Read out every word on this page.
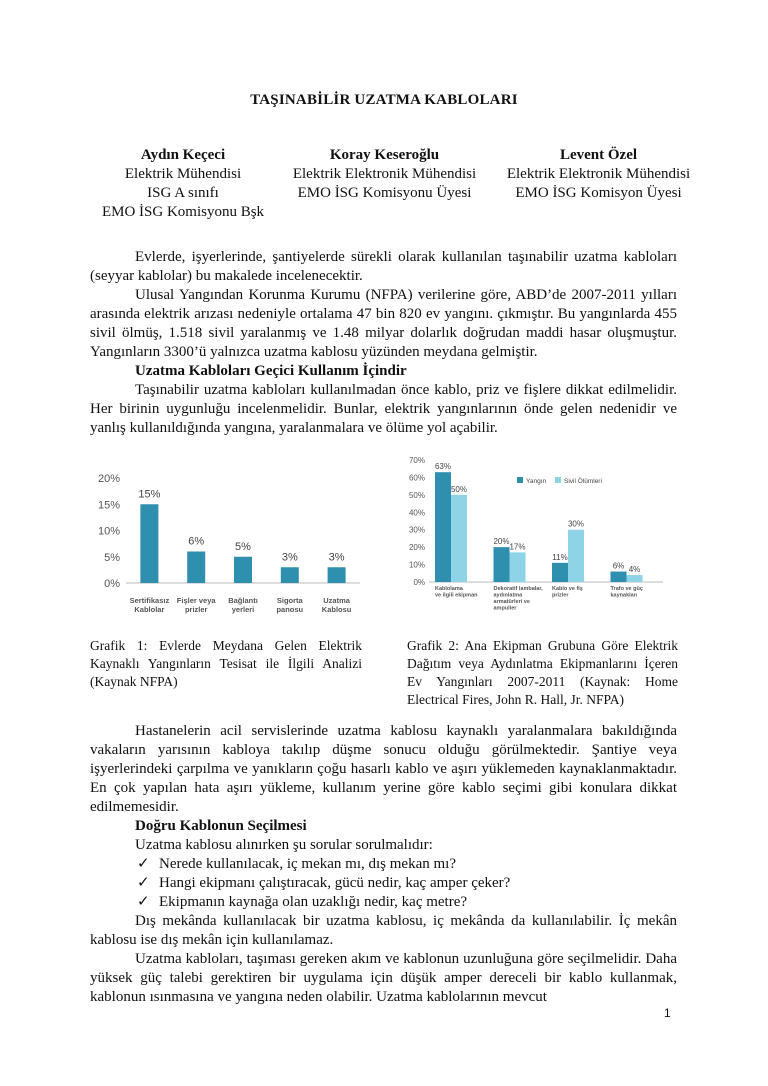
TAŞINABİLİR UZATMA KABLOLARI
Aydın Keçeci
Elektrik Mühendisi
ISG A sınıfı
EMO İSG Komisyonu Bşk
Koray Keseroğlu
Elektrik Elektronik Mühendisi
EMO İSG Komisyonu Üyesi
Levent Özel
Elektrik Elektronik Mühendisi
EMO İSG Komisyon Üyesi

Evlerde, işyerlerinde, şantiyelerde sürekli olarak kullanılan taşınabilir uzatma kabloları (seyyar kablolar) bu makalede incelenecektir.

Ulusal Yangından Korunma Kurumu (NFPA) verilerine göre, ABD’de 2007-2011 yılları arasında elektrik arızası nedeniyle ortalama 47 bin 820 ev yangını. çıkmıştır. Bu yangınlarda 455 sivil ölmüş, 1.518 sivil yaralanmış ve 1.48 milyar dolarlık doğrudan maddi hasar oluşmuştur. Yangınların 3300’ü yalnızca uzatma kablosu yüzünden meydana gelmiştir.

Uzatma Kabloları Geçici Kullanım İçindir

Taşınabilir uzatma kabloları kullanılmadan önce kablo, priz ve fişlere dikkat edilmelidir. Her birinin uygunluğu incelenmelidir. Bunlar, elektrik yangınlarının önde gelen nedenidir ve yanlış kullanıldığında yangına, yaralanmalara ve ölüme yol açabilir.

0%
5%
10%
15%
20%
15%
Sertifikasız
Kablolar
6%
Fişler veya
prizler
5%
Bağlantı
yerleri
3%
Sigorta
panosu
3%
Uzatma
Kablosu
0%
10%
20%
30%
40%
50%
60%
70%
63%
50%
Kablolama
ve ilgili ekipman
20%
17%
Dekoratif lambalar,
aydınlatma
armatürleri ve
ampuller
11%
30%
Kablo ve fiş
prizler
6% 4%
Trafo ve güç
kaynakları
Yangın	Sivil Ölümleri
Grafik 1: Evlerde Meydana Gelen Elektrik Kaynaklı Yangınların Tesisat ile İlgili Analizi (Kaynak NFPA)
Grafik 2: Ana Ekipman Grubuna Göre Elektrik Dağıtım veya Aydınlatma Ekipmanlarını İçeren Ev Yangınları 2007-2011 (Kaynak: Home Electrical Fires, John R. Hall, Jr. NFPA)

Hastanelerin acil servislerinde uzatma kablosu kaynaklı yaralanmalara bakıldığında vakaların yarısının kabloya takılıp düşme sonucu olduğu görülmektedir. Şantiye veya işyerlerindeki çarpılma ve yanıkların çoğu hasarlı kablo ve aşırı yüklemeden kaynaklanmaktadır. En çok yapılan hata aşırı yükleme, kullanım yerine göre kablo seçimi gibi konulara dikkat edilmemesidir.

Doğru Kablonun Seçilmesi

Uzatma kablosu alınırken şu sorular sorulmalıdır:

✓ Nerede kullanılacak, iç mekan mı, dış mekan mı?

✓ Hangi ekipmanı çalıştıracak, gücü nedir, kaç amper çeker?

✓ Ekipmanın kaynağa olan uzaklığı nedir, kaç metre?

Dış mekânda kullanılacak bir uzatma kablosu, iç mekânda da kullanılabilir. İç mekân kablosu ise dış mekân için kullanılamaz.

Uzatma kabloları, taşıması gereken akım ve kablonun uzunluğuna göre seçilmelidir. Daha yüksek güç talebi gerektiren bir uygulama için düşük amper dereceli bir kablo kullanmak, kablonun ısınmasına ve yangına neden olabilir. Uzatma kablolarının mevcut

1
